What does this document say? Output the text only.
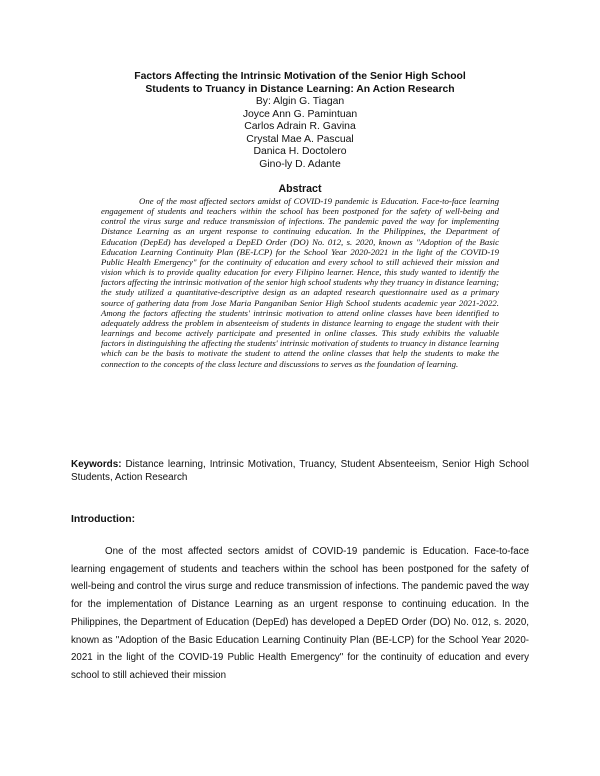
Factors Affecting the Intrinsic Motivation of the Senior High School
Students to Truancy in Distance Learning: An Action Research
By: Algin G. Tiagan
Joyce Ann G. Pamintuan
Carlos Adrain R. Gavina
Crystal Mae A. Pascual
Danica H. Doctolero
Gino-ly D. Adante
Abstract

One of the most affected sectors amidst of COVID-19 pandemic is Education. Face-to-face learning engagement of students and teachers within the school has been postponed for the safety of well-being and control the virus surge and reduce transmission of infections. The pandemic paved the way for implementing Distance Learning as an urgent response to continuing education. In the Philippines, the Department of Education (DepEd) has developed a DepED Order (DO) No. 012, s. 2020, known as "Adoption of the Basic Education Learning Continuity Plan (BE-LCP) for the School Year 2020-2021 in the light of the COVID-19 Public Health Emergency" for the continuity of education and every school to still achieved their mission and vision which is to provide quality education for every Filipino learner. Hence, this study wanted to identify the factors affecting the intrinsic motivation of the senior high school students why they truancy in distance learning; the study utilized a quantitative-descriptive design as an adapted research questionnaire used as a primary source of gathering data from Jose Maria Panganiban Senior High School students academic year 2021-2022. Among the factors affecting the students' intrinsic motivation to attend online classes have been identified to adequately address the problem in absenteeism of students in distance learning to engage the student with their learnings and become actively participate and presented in online classes. This study exhibits the valuable factors in distinguishing the affecting the students' intrinsic motivation of students to truancy in distance learning which can be the basis to motivate the student to attend the online classes that help the students to make the connection to the concepts of the class lecture and discussions to serves as the foundation of learning.

Keywords: Distance learning, Intrinsic Motivation, Truancy, Student Absenteeism, Senior High School Students, Action Research

Introduction:

One of the most affected sectors amidst of COVID-19 pandemic is Education. Face-to-face learning engagement of students and teachers within the school has been postponed for the safety of well-being and control the virus surge and reduce transmission of infections. The pandemic paved the way for the implementation of Distance Learning as an urgent response to continuing education. In the Philippines, the Department of Education (DepEd) has developed a DepED Order (DO) No. 012, s. 2020, known as "Adoption of the Basic Education Learning Continuity Plan (BE-LCP) for the School Year 2020-2021 in the light of the COVID-19 Public Health Emergency" for the continuity of education and every school to still achieved their mission
